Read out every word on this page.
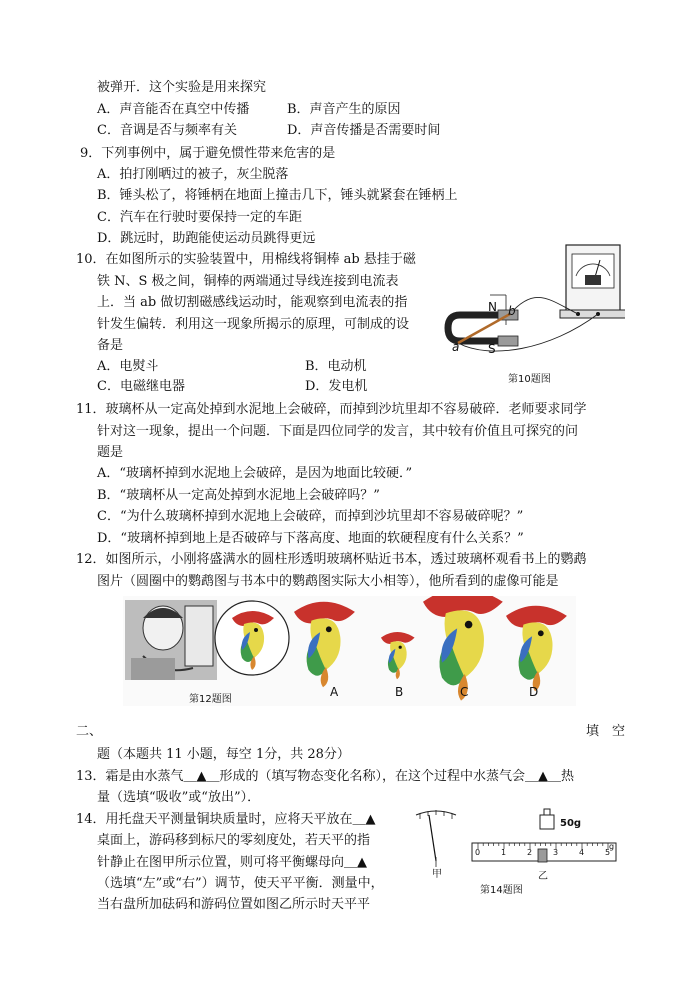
被弹开．这个实验是用来探究
A．声音能否在真空中传播	B．声音产生的原因
C．音调是否与频率有关	D．声音传播是否需要时间
9．下列事例中，属于避免惯性带来危害的是
A．拍打刚晒过的被子，灰尘脱落
B．锤头松了，将锤柄在地面上撞击几下，锤头就紧套在锤柄上
C．汽车在行驶时要保持一定的车距
D．跳远时，助跑能使运动员跳得更远
10．在如图所示的实验装置中，用棉线将铜棒 ab 悬挂于磁
铁 N、S 极之间，铜棒的两端通过导线连接到电流表
上．当 ab 做切割磁感线运动时，能观察到电流表的指
针发生偏转．利用这一现象所揭示的原理，可制成的设
备是
A．电熨斗	B．电动机
C．电磁继电器	D．发电机
N
S
a
b
第10题图
11．玻璃杯从一定高处掉到水泥地上会破碎，而掉到沙坑里却不容易破碎．老师要求同学
针对这一现象，提出一个问题．下面是四位同学的发言，其中较有价值且可探究的问
题是
A．“玻璃杯掉到水泥地上会破碎，是因为地面比较硬．”
B．“玻璃杯从一定高处掉到水泥地上会破碎吗？”
C．“为什么玻璃杯掉到水泥地上会破碎，而掉到沙坑里却不容易破碎呢？”
D．“玻璃杯掉到地上是否破碎与下落高度、地面的软硬程度有什么关系？”
12．如图所示，小刚将盛满水的圆柱形透明玻璃杯贴近书本，透过玻璃杯观看书上的鹦鹉
图片（圆圈中的鹦鹉图与书本中的鹦鹉图实际大小相等），他所看到的虚像可能是
第12题图
A	B	C	D
二、	填　空
题（本题共 11 小题，每空 1分，共 28分）
13．霜是由水蒸气＿▲＿形成的（填写物态变化名称），在这个过程中水蒸气会＿▲＿热
量（选填“吸收”或“放出”）．
14．用托盘天平测量铜块质量时，应将天平放在＿▲
桌面上，游码移到标尺的零刻度处，若天平的指
针静止在图甲所示位置，则可将平衡螺母向＿▲
（选填“左”或“右”）调节，使天平平衡．测量中，
当右盘所加砝码和游码位置如图乙所示时天平平
50g
甲	乙
第14题图
0	1	2	3	4	5
g
